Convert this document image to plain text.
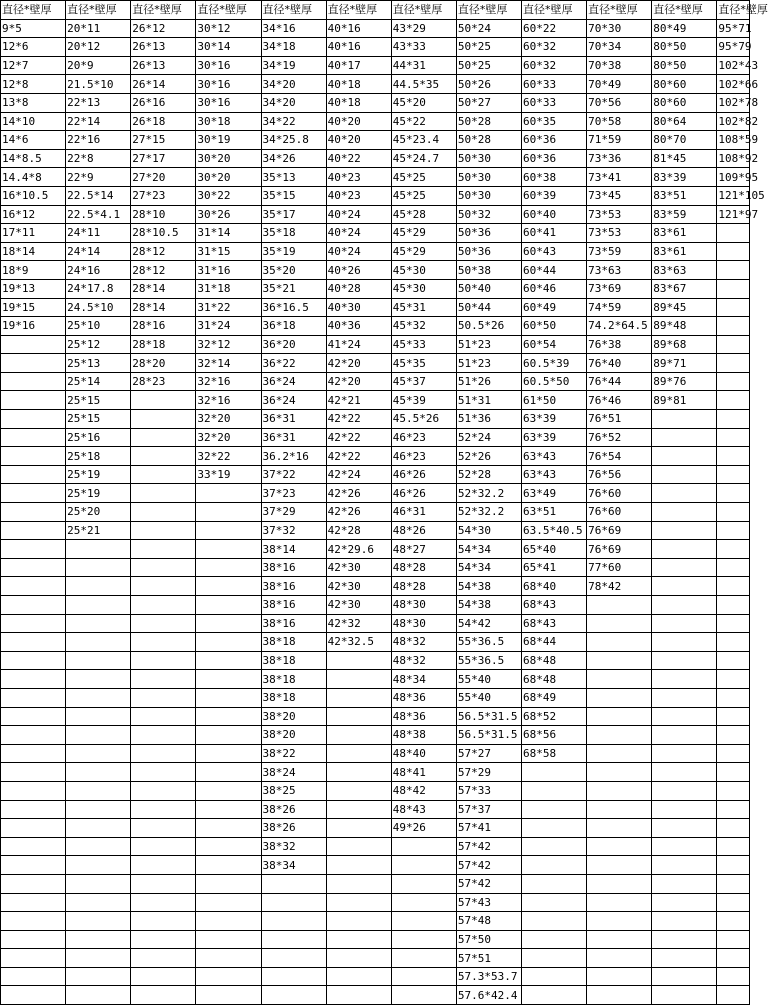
直径*壁厚	直径*壁厚	直径*壁厚	直径*壁厚	直径*壁厚	直径*壁厚	直径*壁厚	直径*壁厚	直径*壁厚	直径*壁厚	直径*壁厚	直径*壁厚
9*5	20*11	26*12	30*12	34*16	40*16	43*29	50*24	60*22	70*30	80*49	95*71
12*6	20*12	26*13	30*14	34*18	40*16	43*33	50*25	60*32	70*34	80*50	95*79
12*7	20*9	26*13	30*16	34*19	40*17	44*31	50*25	60*32	70*38	80*50	102*43
12*8	21.5*10	26*14	30*16	34*20	40*18	44.5*35	50*26	60*33	70*49	80*60	102*66
13*8	22*13	26*16	30*16	34*20	40*18	45*20	50*27	60*33	70*56	80*60	102*78
14*10	22*14	26*18	30*18	34*22	40*20	45*22	50*28	60*35	70*58	80*64	102*82
14*6	22*16	27*15	30*19	34*25.8	40*20	45*23.4	50*28	60*36	71*59	80*70	108*59
14*8.5	22*8	27*17	30*20	34*26	40*22	45*24.7	50*30	60*36	73*36	81*45	108*92
14.4*8	22*9	27*20	30*20	35*13	40*23	45*25	50*30	60*38	73*41	83*39	109*95
16*10.5	22.5*14	27*23	30*22	35*15	40*23	45*25	50*30	60*39	73*45	83*51	121*105
16*12	22.5*4.1	28*10	30*26	35*17	40*24	45*28	50*32	60*40	73*53	83*59	121*97
17*11	24*11	28*10.5	31*14	35*18	40*24	45*29	50*36	60*41	73*53	83*61	
18*14	24*14	28*12	31*15	35*19	40*24	45*29	50*36	60*43	73*59	83*61	
18*9	24*16	28*12	31*16	35*20	40*26	45*30	50*38	60*44	73*63	83*63	
19*13	24*17.8	28*14	31*18	35*21	40*28	45*30	50*40	60*46	73*69	83*67	
19*15	24.5*10	28*14	31*22	36*16.5	40*30	45*31	50*44	60*49	74*59	89*45	
19*16	25*10	28*16	31*24	36*18	40*36	45*32	50.5*26	60*50	74.2*64.5	89*48	
	25*12	28*18	32*12	36*20	41*24	45*33	51*23	60*54	76*38	89*68	
	25*13	28*20	32*14	36*22	42*20	45*35	51*23	60.5*39	76*40	89*71	
	25*14	28*23	32*16	36*24	42*20	45*37	51*26	60.5*50	76*44	89*76	
	25*15		32*16	36*24	42*21	45*39	51*31	61*50	76*46	89*81	
	25*15		32*20	36*31	42*22	45.5*26	51*36	63*39	76*51		
	25*16		32*20	36*31	42*22	46*23	52*24	63*39	76*52		
	25*18		32*22	36.2*16	42*22	46*23	52*26	63*43	76*54		
	25*19		33*19	37*22	42*24	46*26	52*28	63*43	76*56		
	25*19			37*23	42*26	46*26	52*32.2	63*49	76*60		
	25*20			37*29	42*26	46*31	52*32.2	63*51	76*60		
	25*21			37*32	42*28	48*26	54*30	63.5*40.5	76*69		
				38*14	42*29.6	48*27	54*34	65*40	76*69		
				38*16	42*30	48*28	54*34	65*41	77*60		
				38*16	42*30	48*28	54*38	68*40	78*42		
				38*16	42*30	48*30	54*38	68*43			
				38*16	42*32	48*30	54*42	68*43			
				38*18	42*32.5	48*32	55*36.5	68*44			
				38*18		48*32	55*36.5	68*48			
				38*18		48*34	55*40	68*48			
				38*18		48*36	55*40	68*49			
				38*20		48*36	56.5*31.5	68*52			
				38*20		48*38	56.5*31.5	68*56			
				38*22		48*40	57*27	68*58			
				38*24		48*41	57*29				
				38*25		48*42	57*33				
				38*26		48*43	57*37				
				38*26		49*26	57*41				
				38*32			57*42				
				38*34			57*42				
							57*42				
							57*43				
							57*48				
							57*50				
							57*51				
							57.3*53.7				
							57.6*42.4				
